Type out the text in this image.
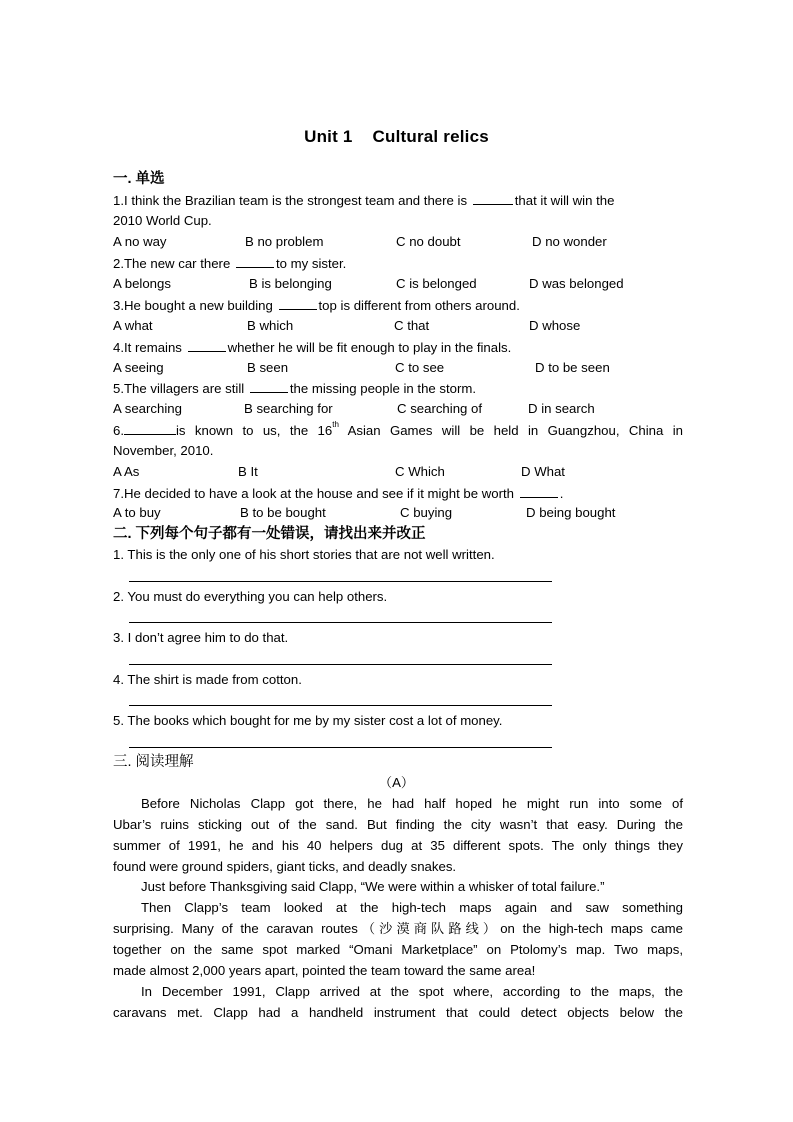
Unit 1 Cultural relics
一. 单选
1.I think the Brazilian team is the strongest team and there is	that it will win the
2010 World Cup.
A no way	B no problem	C no doubt	D no wonder
2.The new car there	to my sister.
A belongs	B is belonging	C is belonged	D was belonged
3.He bought a new building	top is different from others around.
A what	B which	C that	D whose
4.It remains	whether he will be fit enough to play in the finals.
A seeing	B seen	C to see	D to be seen
5.The villagers are still	the missing people in the storm.
A searching	B searching for	C searching of	D in search
6.	is known to us, the 16th Asian Games will be held in Guangzhou, China in
November, 2010.
A As	B It	C Which	D What
7.He decided to have a look at the house and see if it might be worth	.
A to buy	B to be bought	C buying	D being bought
二. 下列每个句子都有一处错误，请找出来并改正
1. This is the only one of his short stories that are not well written.
2. You must do everything you can help others.
3. I don’t agree him to do that.
4. The shirt is made from cotton.
5. The books which bought for me by my sister cost a lot of money.
三. 阅读理解
（A）
Before Nicholas Clapp got there, he had half hoped he might run into some of
Ubar’s ruins sticking out of the sand. But finding the city wasn’t that easy. During the
summer of 1991, he and his 40 helpers dug at 35 different spots. The only things they
found were ground spiders, giant ticks, and deadly snakes.
Just before Thanksgiving said Clapp, “We were within a whisker of total failure.”
Then Clapp’s team looked at the high-tech maps again and saw something
surprising. Many of the caravan routes（沙漠商队路线）on the high-tech maps came
together on the same spot marked “Omani Marketplace” on Ptolomy’s map. Two maps,
made almost 2,000 years apart, pointed the team toward the same area!
In December 1991, Clapp arrived at the spot where, according to the maps, the
caravans met. Clapp had a handheld instrument that could detect objects below the
